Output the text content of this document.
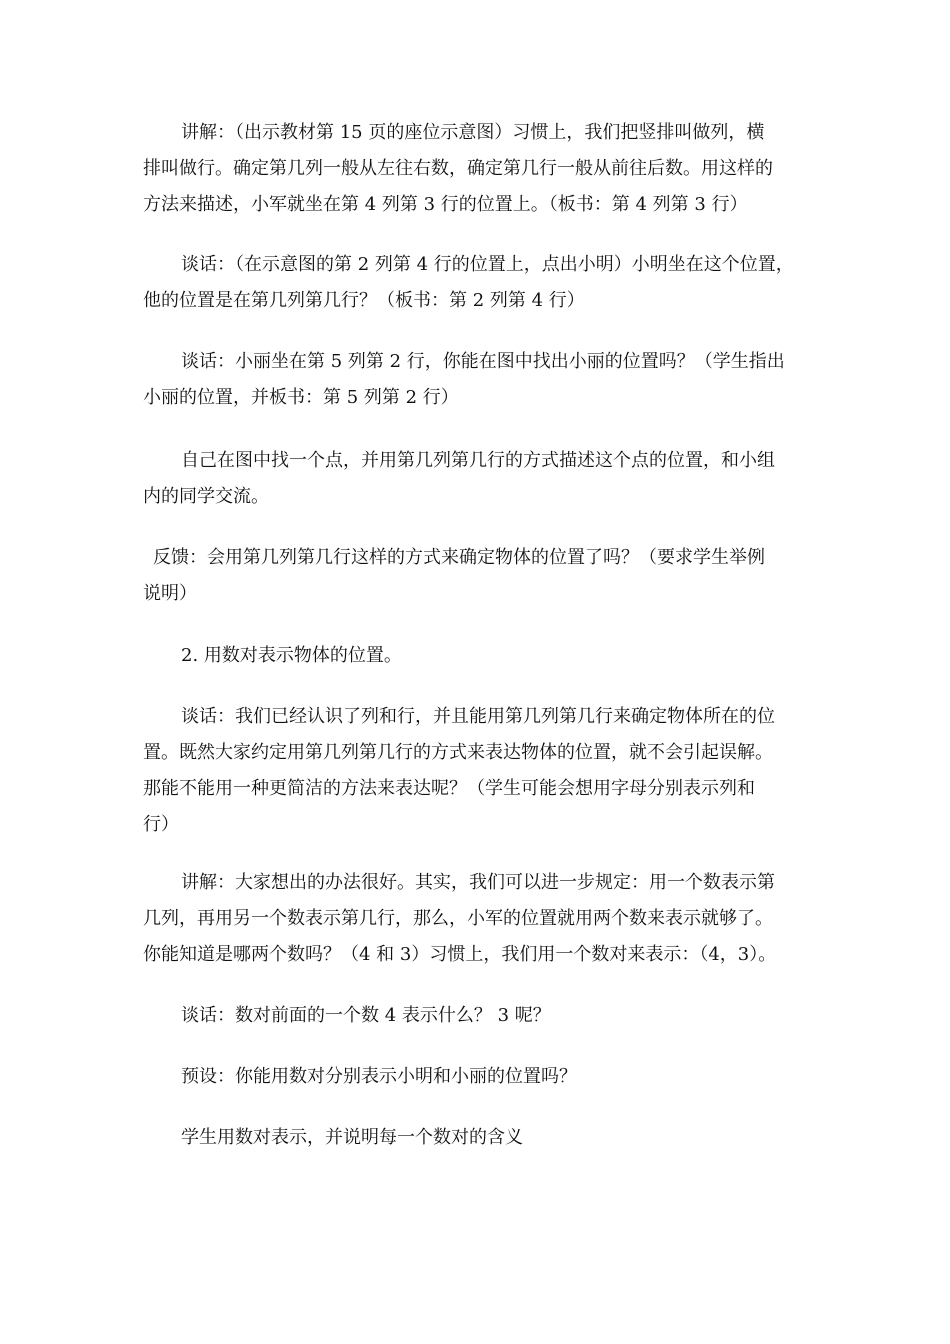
讲解：（出示教材第 15 页的座位示意图）习惯上，我们把竖排叫做列，横
排叫做行。确定第几列一般从左往右数，确定第几行一般从前往后数。用这样的
方法来描述，小军就坐在第 4 列第 3 行的位置上。（板书：第 4 列第 3 行）

谈话：（在示意图的第 2 列第 4 行的位置上，点出小明）小明坐在这个位置，
他的位置是在第几列第几行？（板书：第 2 列第 4 行）

谈话：小丽坐在第 5 列第 2 行，你能在图中找出小丽的位置吗？（学生指出
小丽的位置，并板书：第 5 列第 2 行）

自己在图中找一个点，并用第几列第几行的方式描述这个点的位置，和小组
内的同学交流。

反馈：会用第几列第几行这样的方式来确定物体的位置了吗？（要求学生举例
说明）

2. 用数对表示物体的位置。

谈话：我们已经认识了列和行，并且能用第几列第几行来确定物体所在的位
置。既然大家约定用第几列第几行的方式来表达物体的位置，就不会引起误解。
那能不能用一种更简洁的方法来表达呢？（学生可能会想用字母分别表示列和
行）

讲解：大家想出的办法很好。其实，我们可以进一步规定：用一个数表示第
几列，再用另一个数表示第几行，那么，小军的位置就用两个数来表示就够了。
你能知道是哪两个数吗？（4 和 3）习惯上，我们用一个数对来表示：（4，3）。

谈话：数对前面的一个数 4 表示什么？ 3 呢？

预设：你能用数对分别表示小明和小丽的位置吗？

学生用数对表示，并说明每一个数对的含义
